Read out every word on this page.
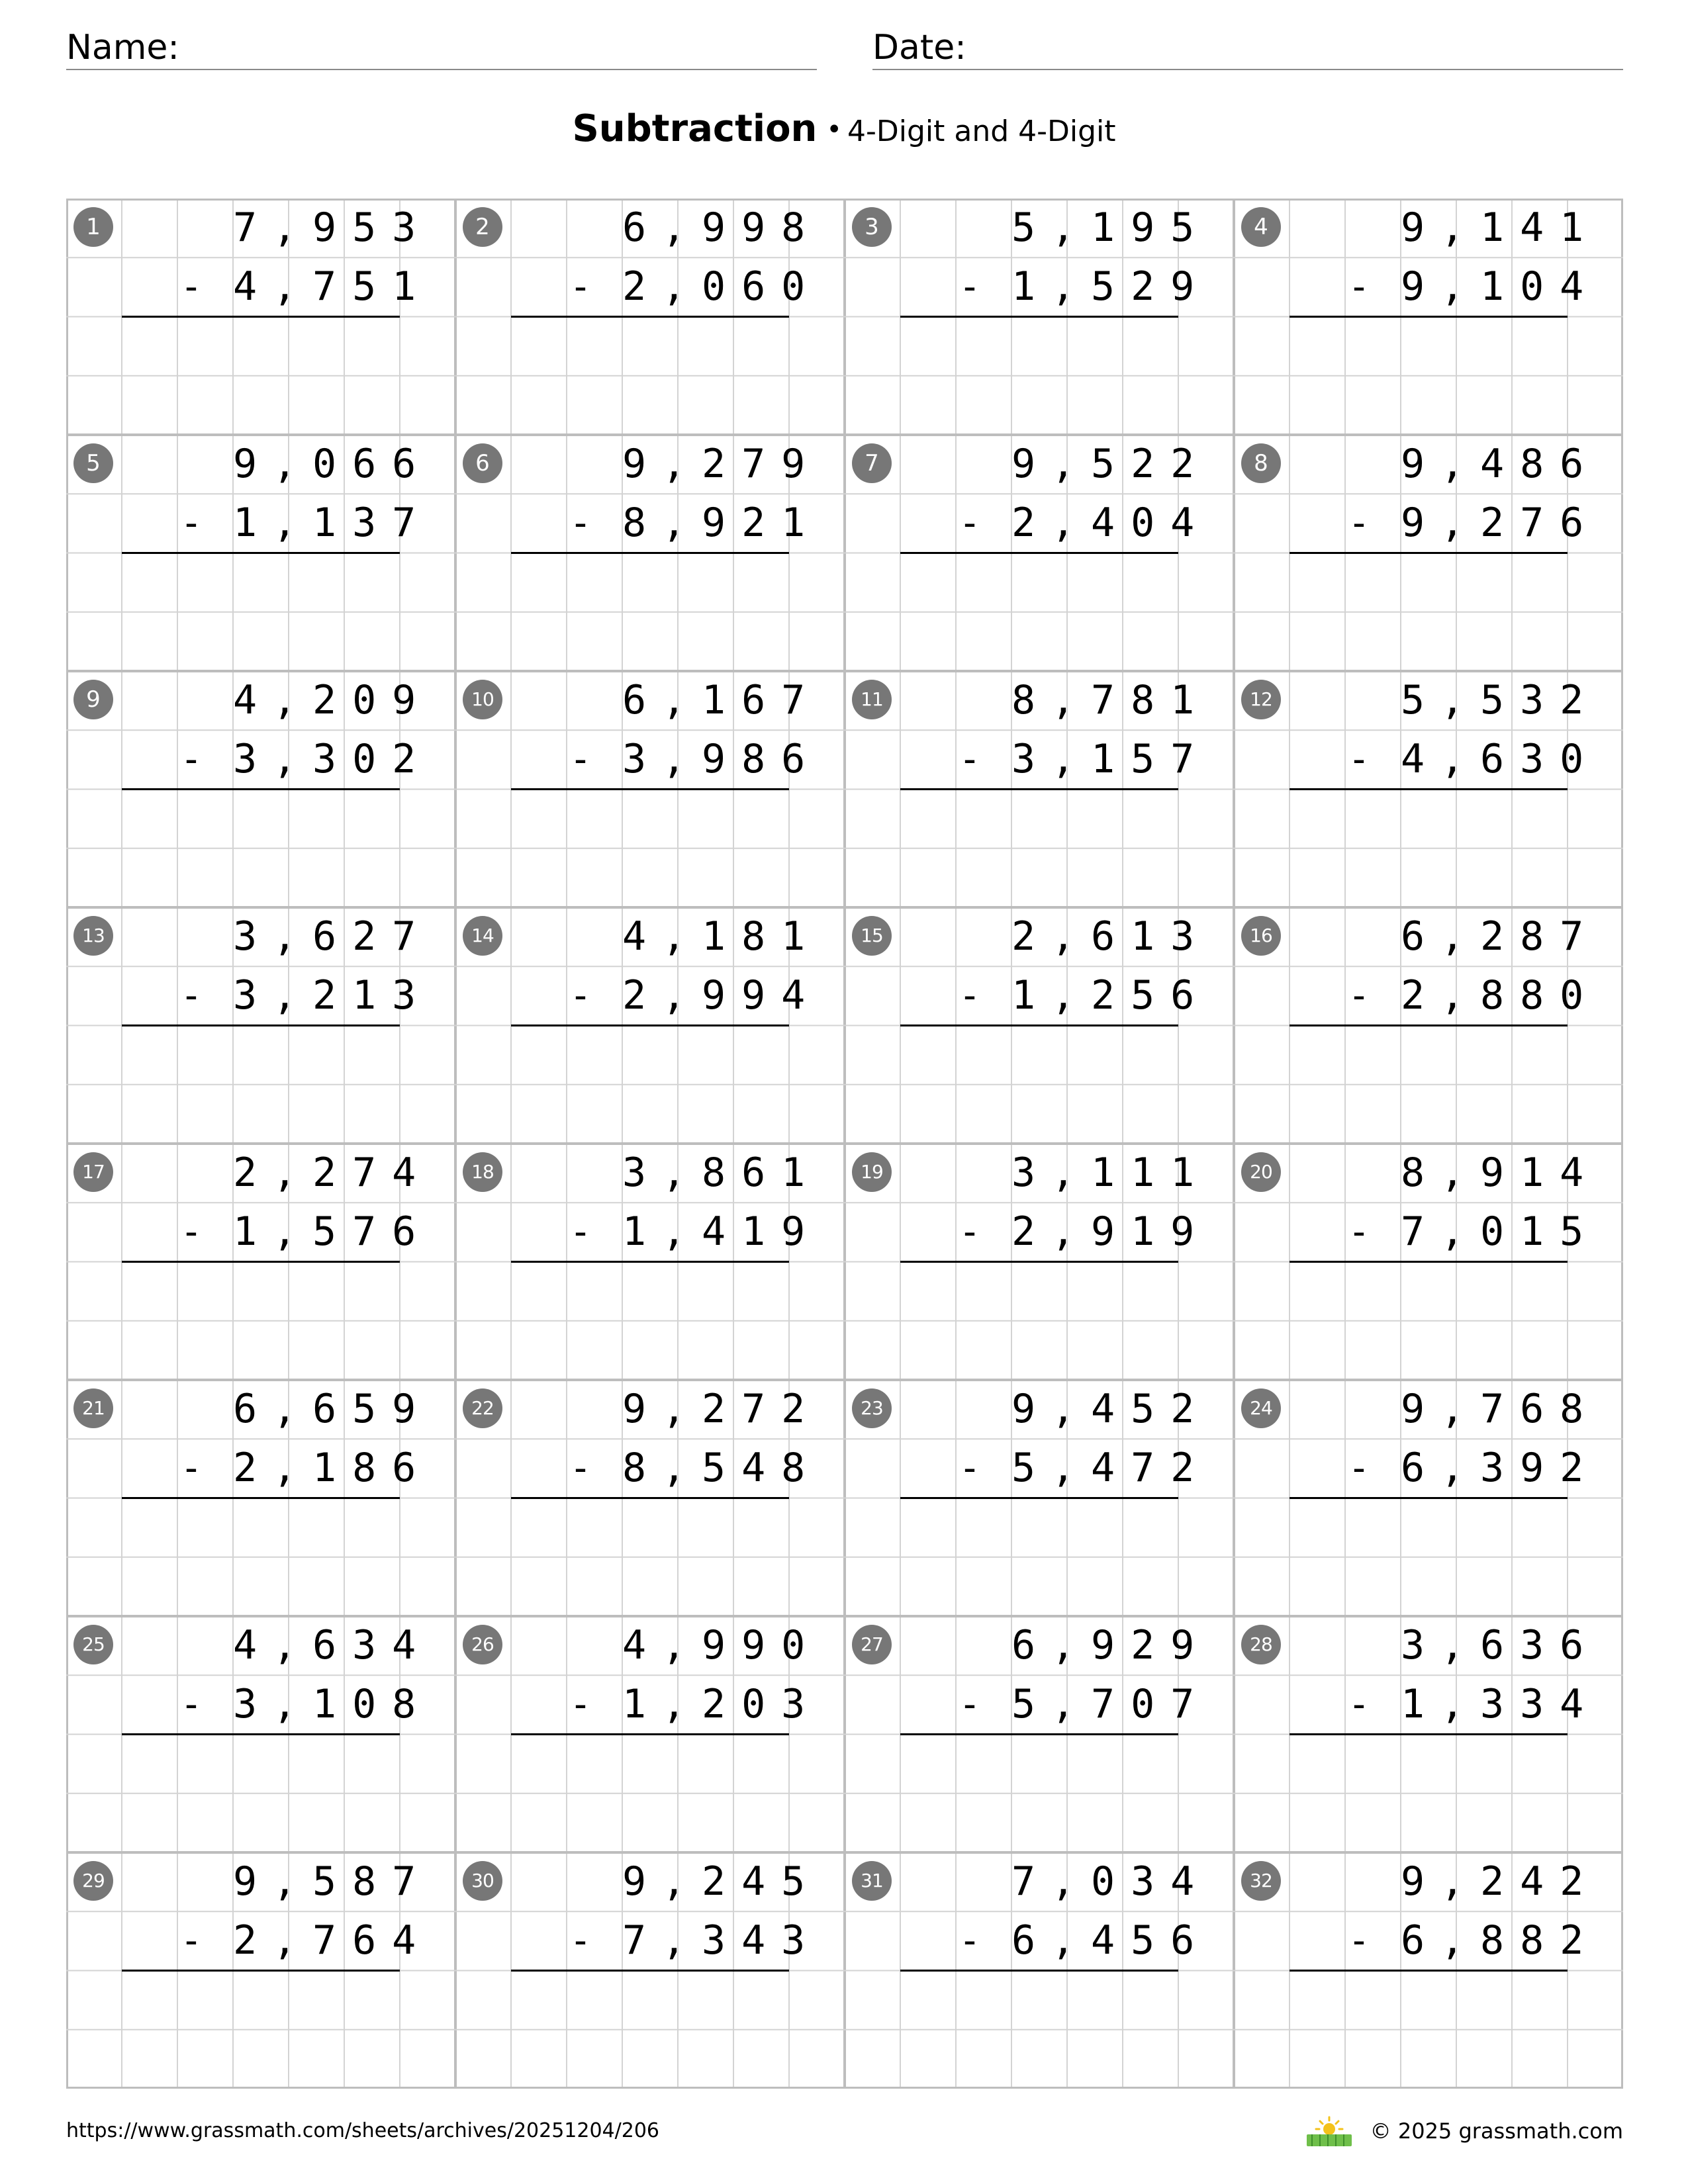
Name:	Date:
Subtraction • 4-Digit and 4-Digit
1	7,953
- 4,751
2	6,998
- 2,060
3	5,195
- 1,529
4	9,141
- 9,104
5	9,066
- 1,137
6	9,279
- 8,921
7	9,522
- 2,404
8	9,486
- 9,276
9	4,209
- 3,302
10	6,167
- 3,986
11	8,781
- 3,157
12	5,532
- 4,630
13	3,627
- 3,213
14	4,181
- 2,994
15	2,613
- 1,256
16	6,287
- 2,880
17	2,274
- 1,576
18	3,861
- 1,419
19	3,111
- 2,919
20	8,914
- 7,015
21	6,659
- 2,186
22	9,272
- 8,548
23	9,452
- 5,472
24	9,768
- 6,392
25	4,634
- 3,108
26	4,990
- 1,203
27	6,929
- 5,707
28	3,636
- 1,334
29	9,587
- 2,764
30	9,245
- 7,343
31	7,034
- 6,456
32	9,242
- 6,882
https://www.grassmath.com/sheets/archives/20251204/206	© 2025 grassmath.com
